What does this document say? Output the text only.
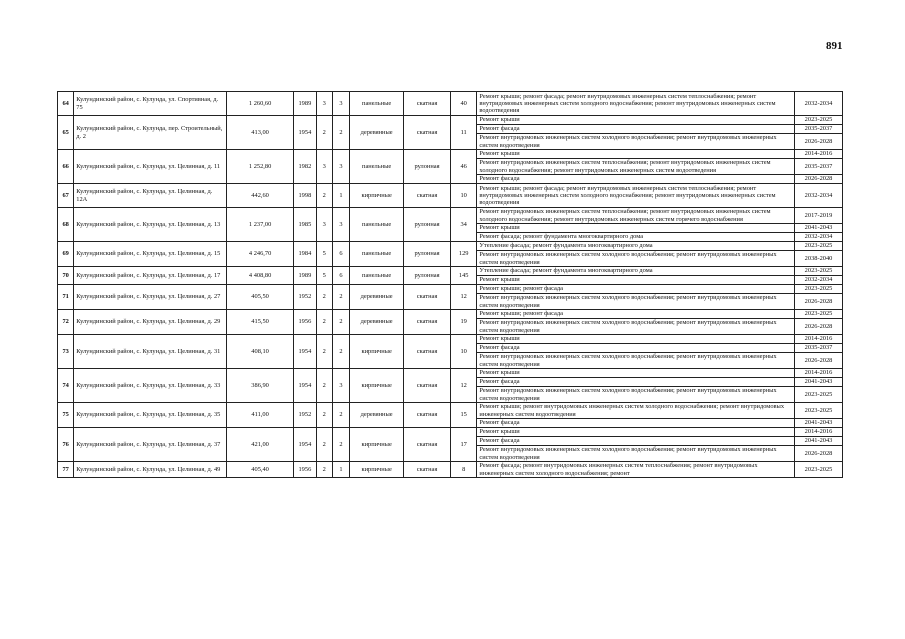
891
64	Кулундинский район, с. Кулунда, ул. Спортивная, д. 75	1 260,60	1989	3	3	панельные	скатная	40	Ремонт крыши; ремонт фасада; ремонт внутридомовых инженерных систем теплоснабжения; ремонт внутридомовых инженерных систем холодного водоснабжения; ремонт внутридомовых инженерных систем водоотведения	2032-2034
65	Кулундинский район, с. Кулунда, пер. Строительный, д. 2	413,00	1954	2	2	деревянные	скатная	11	Ремонт крыши	2023-2025
									Ремонт фасада	2035-2037
									Ремонт внутридомовых инженерных систем холодного водоснабжения; ремонт внутридомовых инженерных систем водоотведения	2026-2028
66	Кулундинский район, с. Кулунда, ул. Целинная, д. 11	1 252,80	1982	3	3	панельные	рулонная	46	Ремонт крыши	2014-2016
									Ремонт внутридомовых инженерных систем теплоснабжения; ремонт внутридомовых инженерных систем холодного водоснабжения; ремонт внутридомовых инженерных систем водоотведения	2035-2037
									Ремонт фасада	2026-2028
67	Кулундинский район, с. Кулунда, ул. Целинная, д. 12А	442,60	1998	2	1	кирпичные	скатная	10	Ремонт крыши; ремонт фасада; ремонт внутридомовых инженерных систем теплоснабжения; ремонт внутридомовых инженерных систем холодного водоснабжения; ремонт внутридомовых инженерных систем водоотведения	2032-2034
68	Кулундинский район, с. Кулунда, ул. Целинная, д. 13	1 237,00	1985	3	3	панельные	рулонная	34	Ремонт внутридомовых инженерных систем теплоснабжения; ремонт внутридомовых инженерных систем холодного водоснабжения; ремонт внутридомовых инженерных систем горячего водоснабжения	2017-2019
									Ремонт крыши	2041-2043
									Ремонт фасада; ремонт фундамента многоквартирного дома	2032-2034
69	Кулундинский район, с. Кулунда, ул. Целинная, д. 15	4 246,70	1984	5	6	панельные	рулонная	129	Утепление фасада; ремонт фундамента многоквартирного дома	2023-2025
									Ремонт внутридомовых инженерных систем холодного водоснабжения; ремонт внутридомовых инженерных систем водоотведения	2038-2040
70	Кулундинский район, с. Кулунда, ул. Целинная, д. 17	4 408,80	1989	5	6	панельные	рулонная	145	Утепление фасада; ремонт фундамента многоквартирного дома	2023-2025
									Ремонт крыши	2032-2034
71	Кулундинский район, с. Кулунда, ул. Целинная, д. 27	405,50	1952	2	2	деревянные	скатная	12	Ремонт крыши; ремонт фасада	2023-2025
									Ремонт внутридомовых инженерных систем холодного водоснабжения; ремонт внутридомовых инженерных систем водоотведения	2026-2028
72	Кулундинский район, с. Кулунда, ул. Целинная, д. 29	415,50	1956	2	2	деревянные	скатная	19	Ремонт крыши; ремонт фасада	2023-2025
									Ремонт внутридомовых инженерных систем холодного водоснабжения; ремонт внутридомовых инженерных систем водоотведения	2026-2028
73	Кулундинский район, с. Кулунда, ул. Целинная, д. 31	408,10	1954	2	2	кирпичные	скатная	10	Ремонт крыши	2014-2016
									Ремонт фасада	2035-2037
									Ремонт внутридомовых инженерных систем холодного водоснабжения; ремонт внутридомовых инженерных систем водоотведения	2026-2028
74	Кулундинский район, с. Кулунда, ул. Целинная, д. 33	386,90	1954	2	3	кирпичные	скатная	12	Ремонт крыши	2014-2016
									Ремонт фасада	2041-2043
									Ремонт внутридомовых инженерных систем холодного водоснабжения; ремонт внутридомовых инженерных систем водоотведения	2023-2025
75	Кулундинский район, с. Кулунда, ул. Целинная, д. 35	411,00	1952	2	2	деревянные	скатная	15	Ремонт крыши; ремонт внутридомовых инженерных систем холодного водоснабжения; ремонт внутридомовых инженерных систем водоотведения	2023-2025
									Ремонт фасада	2041-2043
76	Кулундинский район, с. Кулунда, ул. Целинная, д. 37	421,00	1954	2	2	кирпичные	скатная	17	Ремонт крыши	2014-2016
									Ремонт фасада	2041-2043
									Ремонт внутридомовых инженерных систем холодного водоснабжения; ремонт внутридомовых инженерных систем водоотведения	2026-2028
77	Кулундинский район, с. Кулунда, ул. Целинная, д. 49	405,40	1956	2	1	кирпичные	скатная	8	Ремонт фасада; ремонт внутридомовых инженерных систем теплоснабжения; ремонт внутридомовых инженерных систем холодного водоснабжения; ремонт	2023-2025
